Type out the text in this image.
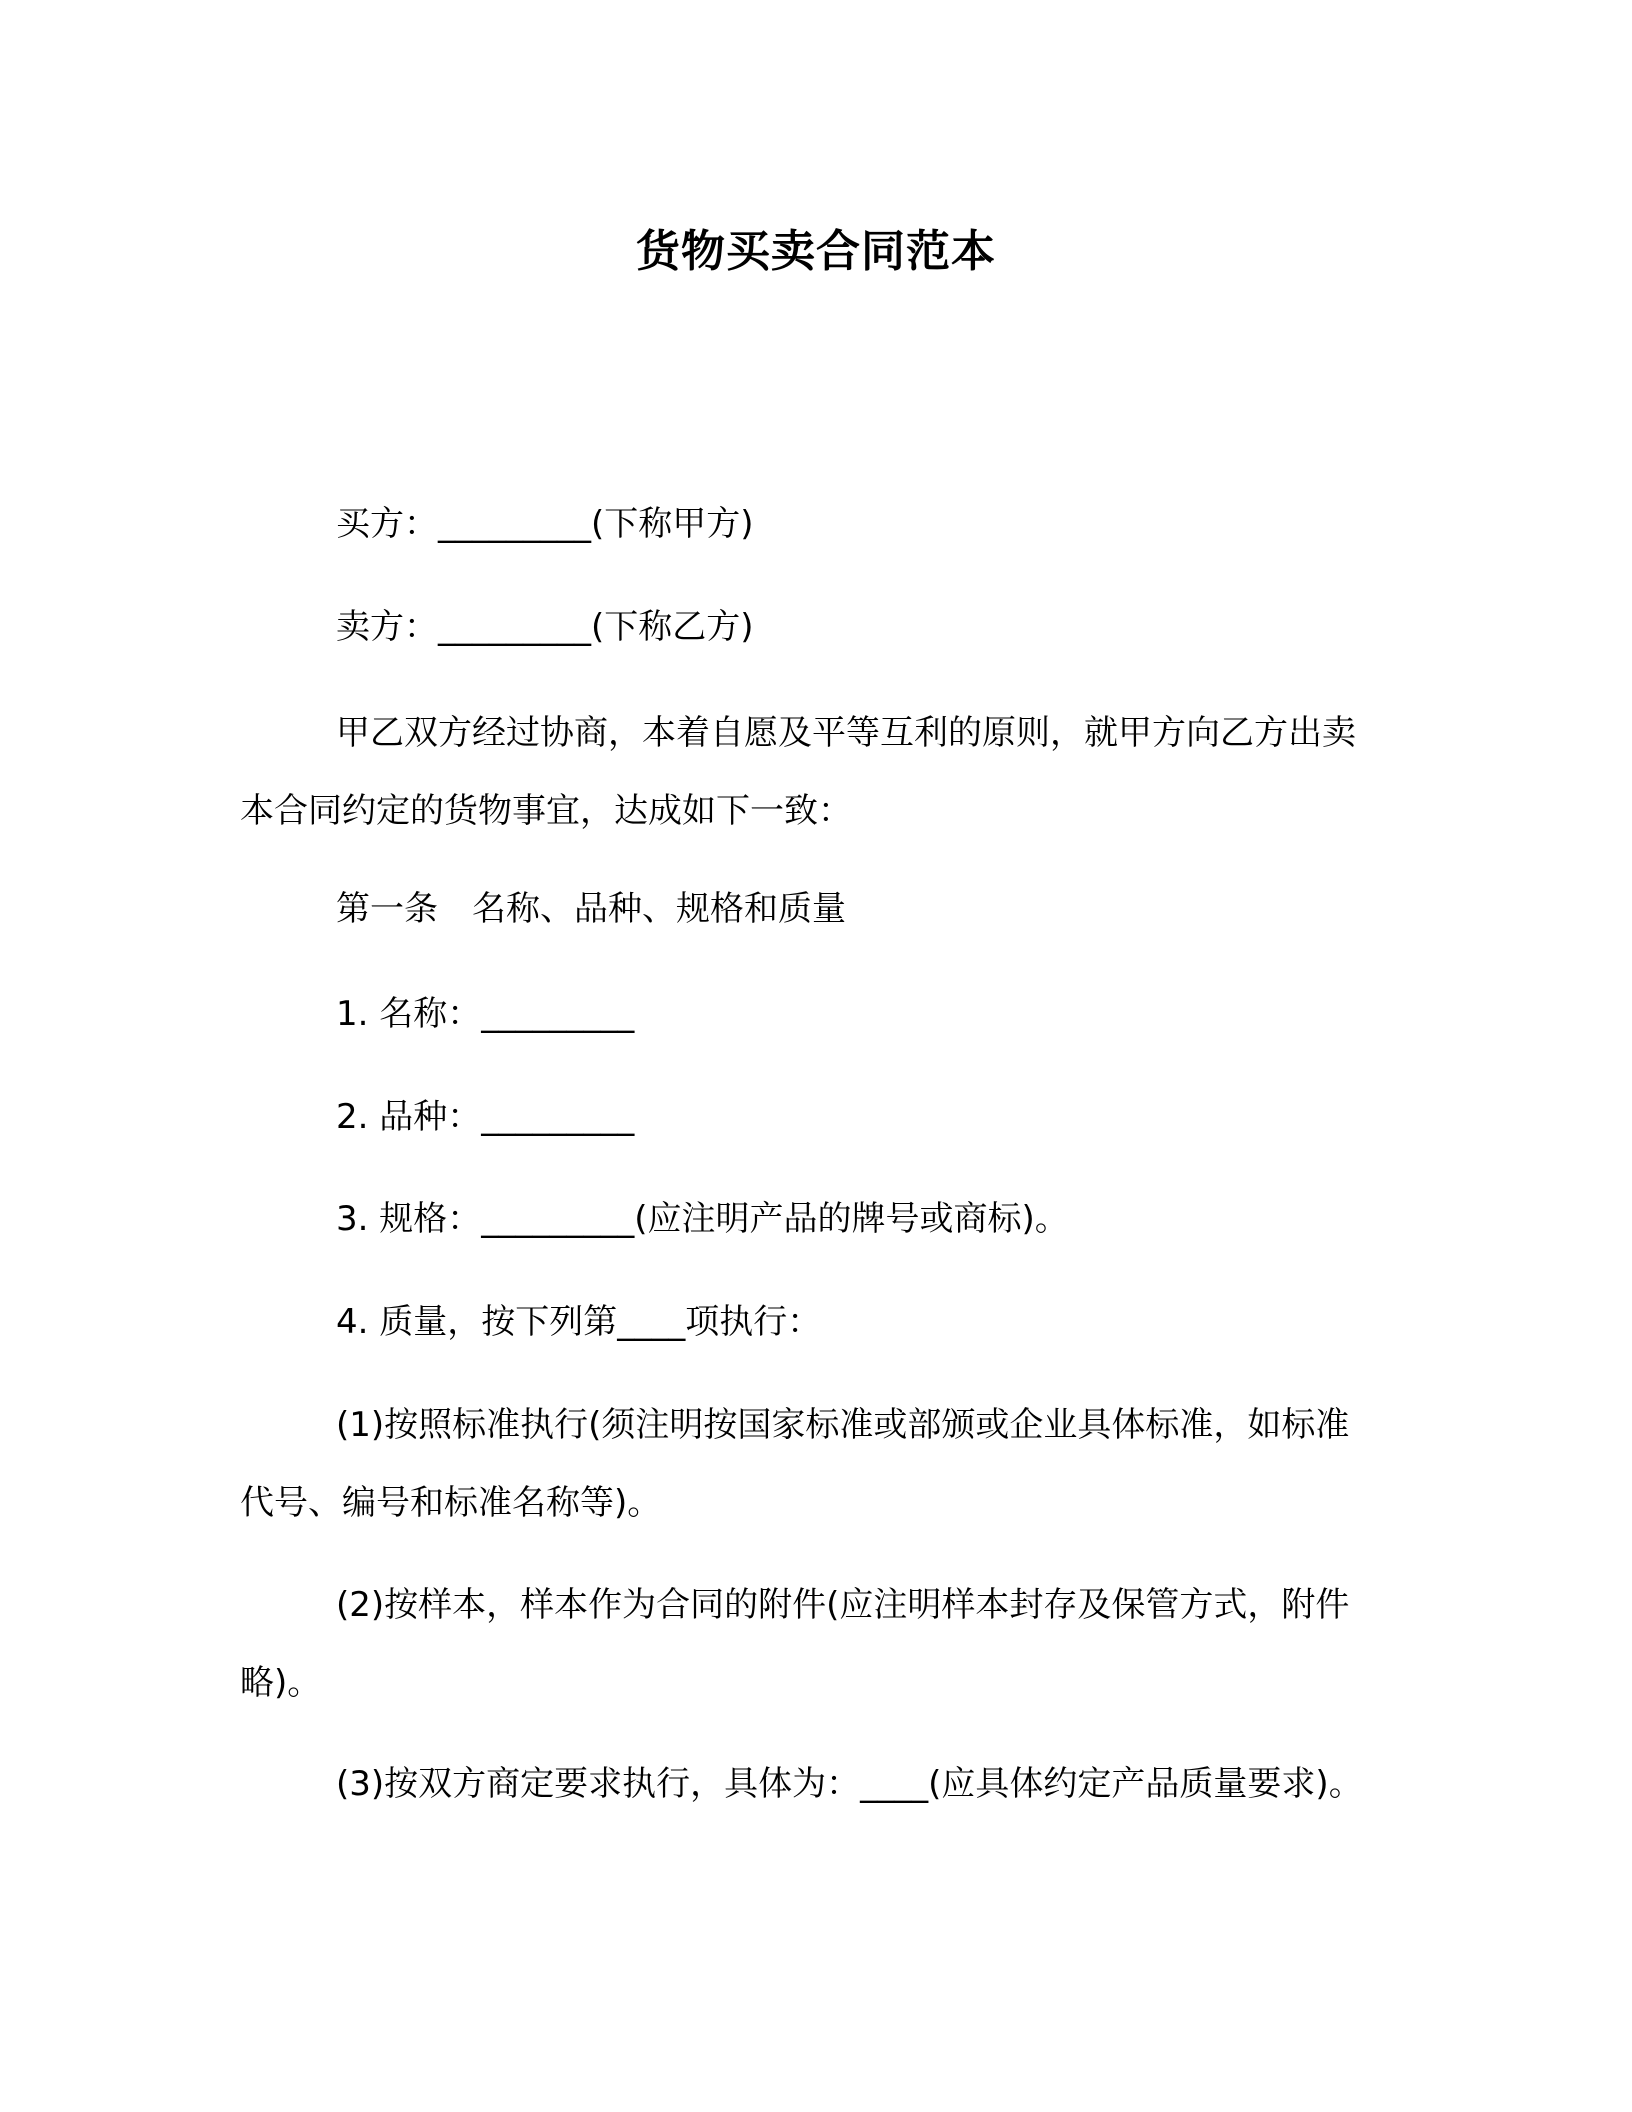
货物买卖合同范本

买方：_________(下称甲方)

卖方：_________(下称乙方)

甲乙双方经过协商，本着自愿及平等互利的原则，就甲方向乙方出卖本合同约定的货物事宜，达成如下一致：

第一条　名称、品种、规格和质量

1. 名称：_________

2. 品种：_________

3. 规格：_________(应注明产品的牌号或商标)。

4. 质量，按下列第____项执行：

(1)按照标准执行(须注明按国家标准或部颁或企业具体标准，如标准代号、编号和标准名称等)。

(2)按样本，样本作为合同的附件(应注明样本封存及保管方式，附件略)。

(3)按双方商定要求执行，具体为：____(应具体约定产品质量要求)。
